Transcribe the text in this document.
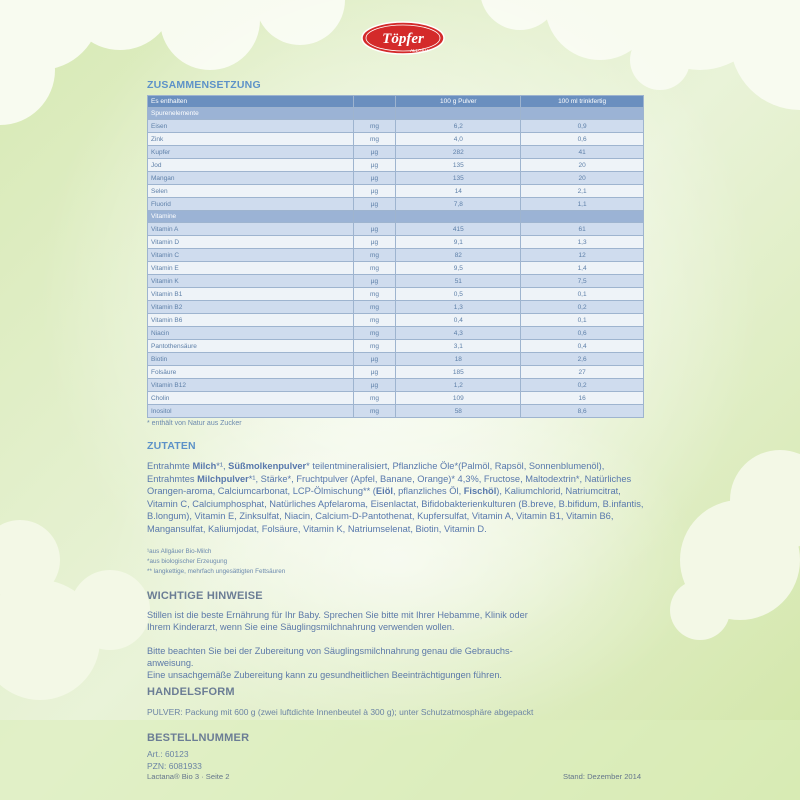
Töpfer
ALLGÄU
ZUSAMMENSETZUNG
Es enthalten		100 g Pulver	100 ml trinkfertig
Spurenelemente			
Eisen	mg	6,2	0,9
Zink	mg	4,0	0,6
Kupfer	µg	282	41
Jod	µg	135	20
Mangan	µg	135	20
Selen	µg	14	2,1
Fluorid	µg	7,8	1,1
Vitamine			
Vitamin A	µg	415	61
Vitamin D	µg	9,1	1,3
Vitamin C	mg	82	12
Vitamin E	mg	9,5	1,4
Vitamin K	µg	51	7,5
Vitamin B1	mg	0,5	0,1
Vitamin B2	mg	1,3	0,2
Vitamin B6	mg	0,4	0,1
Niacin	mg	4,3	0,6
Pantothensäure	mg	3,1	0,4
Biotin	µg	18	2,6
Folsäure	µg	185	27
Vitamin B12	µg	1,2	0,2
Cholin	mg	109	16
Inositol	mg	58	8,6
* enthält von Natur aus Zucker
ZUTATEN
Entrahmte Milch*¹, Süßmolkenpulver* teilentmineralisiert, Pflanzliche Öle*(Palmöl, Rapsöl, Sonnenblumenöl), Entrahmtes Milchpulver*¹, Stärke*, Fruchtpulver (Apfel, Banane, Orange)* 4,3%, Fructose, Maltodextrin*, Natürliches Orangen-aroma, Calciumcarbonat, LCP-Ölmischung** (Eiöl, pflanzliches Öl, Fischöl), Kaliumchlorid, Natriumcitrat, Vitamin C, Calciumphosphat, Natürliches Apfelaroma, Eisenlactat, Bifidobakterienkulturen (B.breve, B.bifidum, B.infantis, B.longum), Vitamin E, Zinksulfat, Niacin, Calcium-D-Pantothenat, Kupfersulfat, Vitamin A, Vitamin B1, Vitamin B6, Mangansulfat, Kaliumjodat, Folsäure, Vitamin K, Natriumselenat, Biotin, Vitamin D.
¹aus Allgäuer Bio-Milch
*aus biologischer Erzeugung
** langkettige, mehrfach ungesättigten Fettsäuren
WICHTIGE HINWEISE
Stillen ist die beste Ernährung für Ihr Baby. Sprechen Sie bitte mit Ihrer Hebamme, Klinik oder
Ihrem Kinderarzt, wenn Sie eine Säuglingsmilchnahrung verwenden wollen.
Bitte beachten Sie bei der Zubereitung von Säuglingsmilchnahrung genau die Gebrauchs-
anweisung.
Eine unsachgemäße Zubereitung kann zu gesundheitlichen Beeinträchtigungen führen.
HANDELSFORM
PULVER: Packung mit 600 g (zwei luftdichte Innenbeutel à 300 g); unter Schutzatmosphäre abgepackt
BESTELLNUMMER
Art.: 60123
PZN: 6081933
Lactana® Bio 3 · Seite 2	Stand: Dezember 2014
